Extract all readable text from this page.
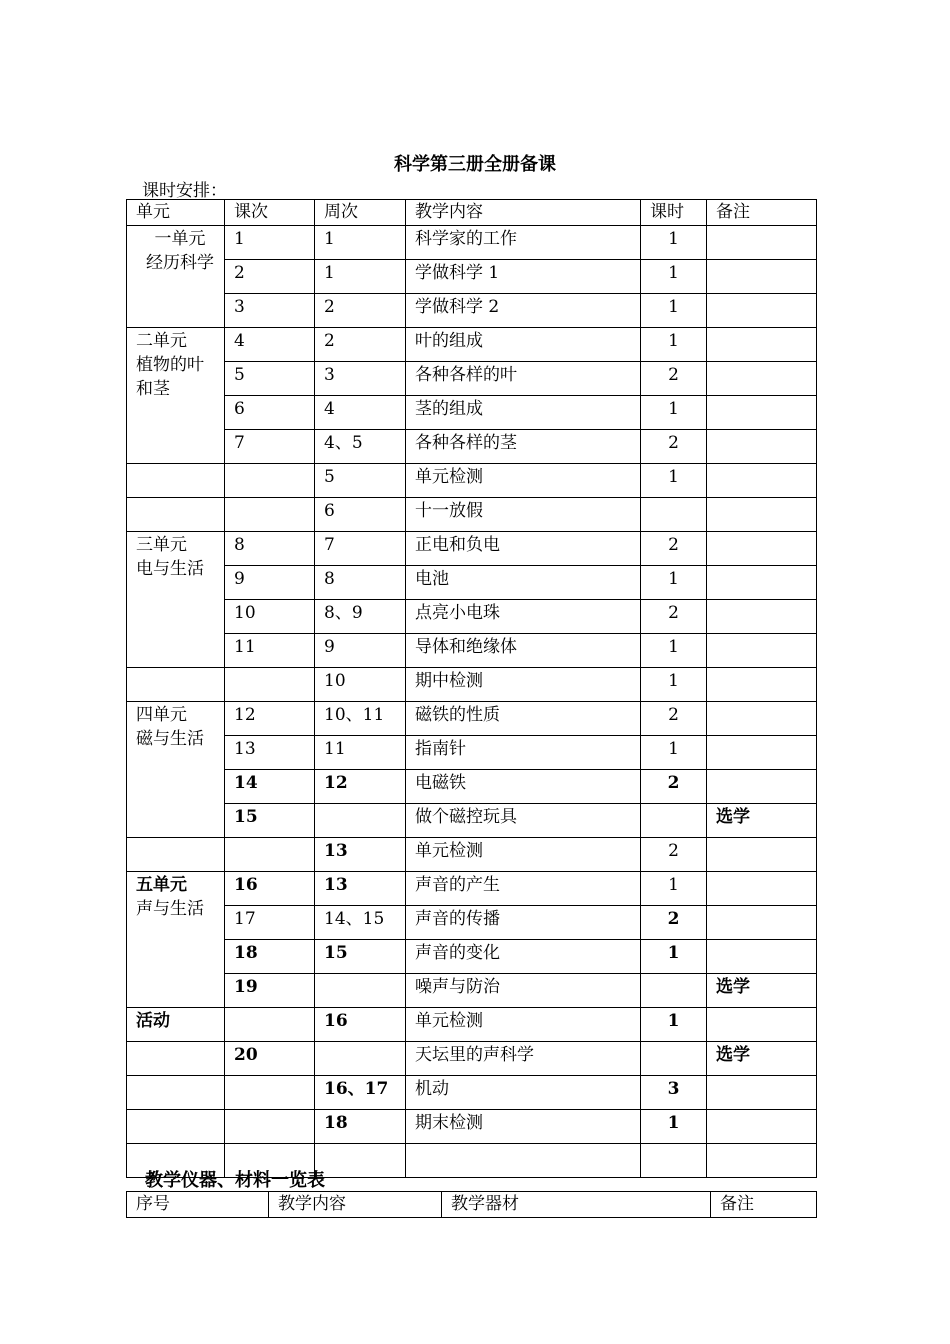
科学第三册全册备课
课时安排：
单元	课次	周次	教学内容	课时	备注
一单元
经历科学	1	1	科学家的工作	1	
	2	1	学做科学 1	1	
	3	2	学做科学 2	1	
二单元
植物的叶
和茎	4	2	叶的组成	1	
	5	3	各种各样的叶	2	
	6	4	茎的组成	1	
	7	4、5	各种各样的茎	2	
		5	单元检测	1	
		6	十一放假		
三单元
电与生活	8	7	正电和负电	2	
	9	8	电池	1	
	10	8、9	点亮小电珠	2	
	11	9	导体和绝缘体	1	
		10	期中检测	1	
四单元
磁与生活	12	10、11	磁铁的性质	2	
	13	11	指南针	1	
	14	12	电磁铁	2	
	15		做个磁控玩具		选学
		13	单元检测	2	

五单元
声与生活	16	13	声音的产生	1	
	17	14、15	声音的传播	2	
	18	15	声音的变化	1	
	19		噪声与防治		选学
活动		16	单元检测	1	
	20		天坛里的声科学		选学
		16、17	机动	3	
		18	期末检测	1	

教学仪器、材料一览表
序号	教学内容	教学器材	备注
